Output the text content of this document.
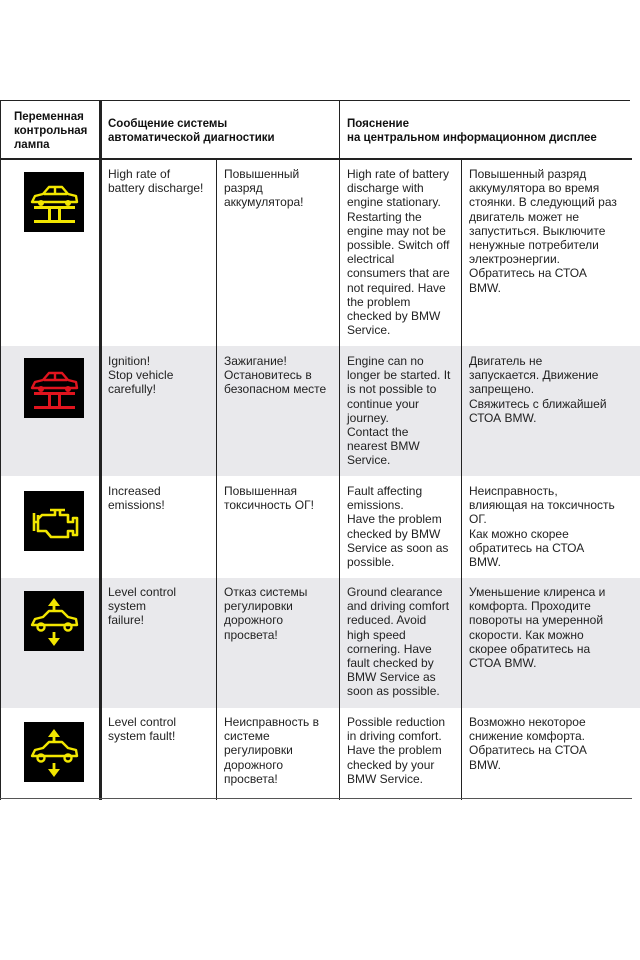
Переменная
контрольная
лампа
Сообщение системы
автоматической диагностики
Пояснение
на центральном информационном дисплее
High rate of
battery discharge!
Повышенный
разряд
аккумулятора!
High rate of battery
discharge with
engine stationary.
Restarting the
engine may not be
possible. Switch off
electrical
consumers that are
not required. Have
the problem
checked by BMW
Service.
Повышенный разряд
аккумулятора во время
стоянки. В следующий раз
двигатель может не
запуститься. Выключите
ненужные потребители
электроэнергии.
Обратитесь на СТОА
BMW.
Ignition!
Stop vehicle
carefully!
Зажигание!
Остановитесь в
безопасном месте
Engine can no
longer be started. It
is not possible to
continue your
journey.
Contact the
nearest BMW
Service.
Двигатель не
запускается. Движение
запрещено.
Свяжитесь с ближайшей
СТОА BMW.
Increased
emissions!
Повышенная
токсичность ОГ!
Fault affecting
emissions.
Have the problem
checked by BMW
Service as soon as
possible.
Неисправность,
влияющая на токсичность
ОГ.
Как можно скорее
обратитесь на СТОА
BMW.
Level control
system
failure!
Отказ системы
регулировки
дорожного
просвета!
Ground clearance
and driving comfort
reduced. Avoid
high speed
cornering. Have
fault checked by
BMW Service as
soon as possible.
Уменьшение клиренса и
комфорта. Проходите
повороты на умеренной
скорости. Как можно
скорее обратитесь на
СТОА BMW.
Level control
system fault!
Неисправность в
системе
регулировки
дорожного
просвета!
Possible reduction
in driving comfort.
Have the problem
checked by your
BMW Service.
Возможно некоторое
снижение комфорта.
Обратитесь на СТОА
BMW.
